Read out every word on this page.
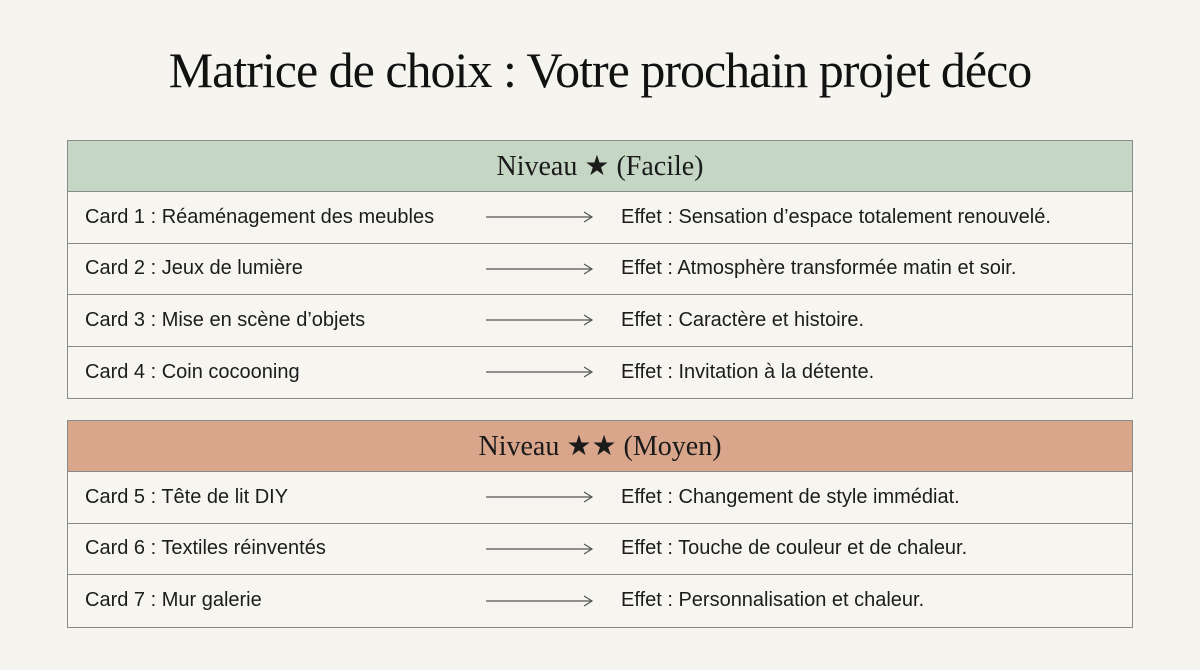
Matrice de choix : Votre prochain projet déco
Niveau ★ (Facile)
Card 1 : Réaménagement des meubles	Effet : Sensation d’espace totalement renouvelé.
Card 2 : Jeux de lumière	Effet : Atmosphère transformée matin et soir.
Card 3 : Mise en scène d’objets	Effet : Caractère et histoire.
Card 4 : Coin cocooning	Effet : Invitation à la détente.
Niveau ★★ (Moyen)
Card 5 : Tête de lit DIY	Effet : Changement de style immédiat.
Card 6 : Textiles réinventés	Effet : Touche de couleur et de chaleur.
Card 7 : Mur galerie	Effet : Personnalisation et chaleur.
